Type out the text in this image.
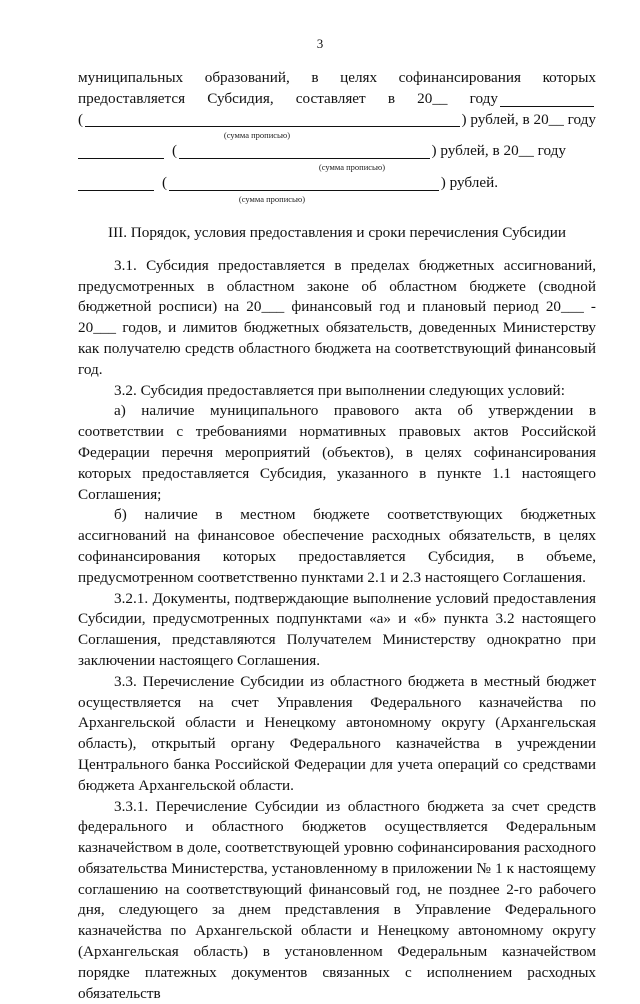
3

муниципальных образований, в целях софинансирования которых

предоставляется Субсидия, составляет в 20__ году
(	) рублей, в 20__ году
(сумма прописью)
(	) рублей, в 20__ году
(сумма прописью)
(	) рублей.
(сумма прописью)
III. Порядок, условия предоставления и сроки перечисления Субсидии

3.1. Субсидия предоставляется в пределах бюджетных ассигнований, предусмотренных в областном законе об областном бюджете (сводной бюджетной росписи) на 20___ финансовый год и плановый период 20___ - 20___ годов, и лимитов бюджетных обязательств, доведенных Министерству как получателю средств областного бюджета на соответствующий финансовый год.

3.2. Субсидия предоставляется при выполнении следующих условий:

а) наличие муниципального правового акта об утверждении в соответствии с требованиями нормативных правовых актов Российской Федерации перечня мероприятий (объектов), в целях софинансирования которых предоставляется Субсидия, указанного в пункте 1.1 настоящего Соглашения;

б) наличие в местном бюджете соответствующих бюджетных ассигнований на финансовое обеспечение расходных обязательств, в целях софинансирования которых предоставляется Субсидия, в объеме, предусмотренном соответственно пунктами 2.1 и 2.3 настоящего Соглашения.

3.2.1. Документы, подтверждающие выполнение условий предоставления Субсидии, предусмотренных подпунктами «а» и «б» пункта 3.2 настоящего Соглашения, представляются Получателем Министерству однократно при заключении настоящего Соглашения.

3.3. Перечисление Субсидии из областного бюджета в местный бюджет осуществляется на счет Управления Федерального казначейства по Архангельской области и Ненецкому автономному округу (Архангельская область), открытый органу Федерального казначейства в учреждении Центрального банка Российской Федерации для учета операций со средствами бюджета Архангельской области.

3.3.1. Перечисление Субсидии из областного бюджета за счет средств федерального и областного бюджетов осуществляется Федеральным казначейством в доле, соответствующей уровню софинансирования расходного обязательства Министерства, установленному в приложении № 1 к настоящему соглашению на соответствующий финансовый год, не позднее 2-го рабочего дня, следующего за днем представления в Управление Федерального казначейства по Архангельской области и Ненецкому автономному округу (Архангельская область) в установленном Федеральным казначейством порядке платежных документов связанных с исполнением расходных обязательств
